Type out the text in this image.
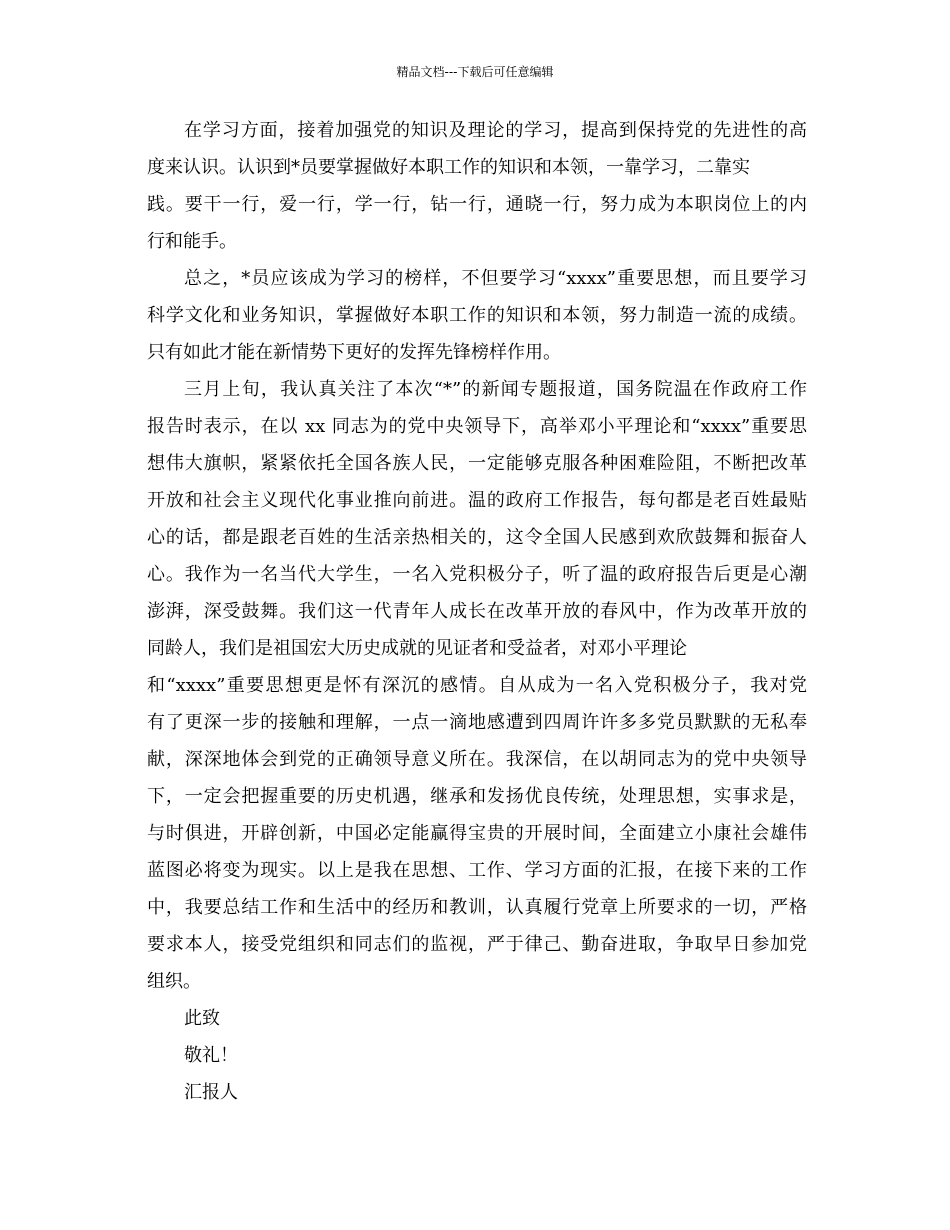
精品文档---下载后可任意编辑
在学习方面，接着加强党的知识及理论的学习，提高到保持党的先进性的高
度来认识。认识到*员要掌握做好本职工作的知识和本领，一靠学习，二靠实
践。要干一行，爱一行，学一行，钻一行，通晓一行，努力成为本职岗位上的内
行和能手。
总之，*员应该成为学习的榜样，不但要学习“xxxx”重要思想，而且要学习
科学文化和业务知识，掌握做好本职工作的知识和本领，努力制造一流的成绩。
只有如此才能在新情势下更好的发挥先锋榜样作用。
三月上旬，我认真关注了本次“*”的新闻专题报道，国务院温在作政府工作
报告时表示，在以 xx 同志为的党中央领导下，高举邓小平理论和“xxxx”重要思
想伟大旗帜，紧紧依托全国各族人民，一定能够克服各种困难险阻，不断把改革
开放和社会主义现代化事业推向前进。温的政府工作报告，每句都是老百姓最贴
心的话，都是跟老百姓的生活亲热相关的，这令全国人民感到欢欣鼓舞和振奋人
心。我作为一名当代大学生，一名入党积极分子，听了温的政府报告后更是心潮
澎湃，深受鼓舞。我们这一代青年人成长在改革开放的春风中，作为改革开放的
同龄人，我们是祖国宏大历史成就的见证者和受益者，对邓小平理论
和“xxxx”重要思想更是怀有深沉的感情。自从成为一名入党积极分子，我对党
有了更深一步的接触和理解，一点一滴地感遭到四周许许多多党员默默的无私奉
献，深深地体会到党的正确领导意义所在。我深信，在以胡同志为的党中央领导
下，一定会把握重要的历史机遇，继承和发扬优良传统，处理思想，实事求是，
与时俱进，开辟创新，中国必定能赢得宝贵的开展时间，全面建立小康社会雄伟
蓝图必将变为现实。以上是我在思想、工作、学习方面的汇报，在接下来的工作
中，我要总结工作和生活中的经历和教训，认真履行党章上所要求的一切，严格
要求本人，接受党组织和同志们的监视，严于律己、勤奋进取，争取早日参加党
组织。
此致
敬礼！
汇报人
